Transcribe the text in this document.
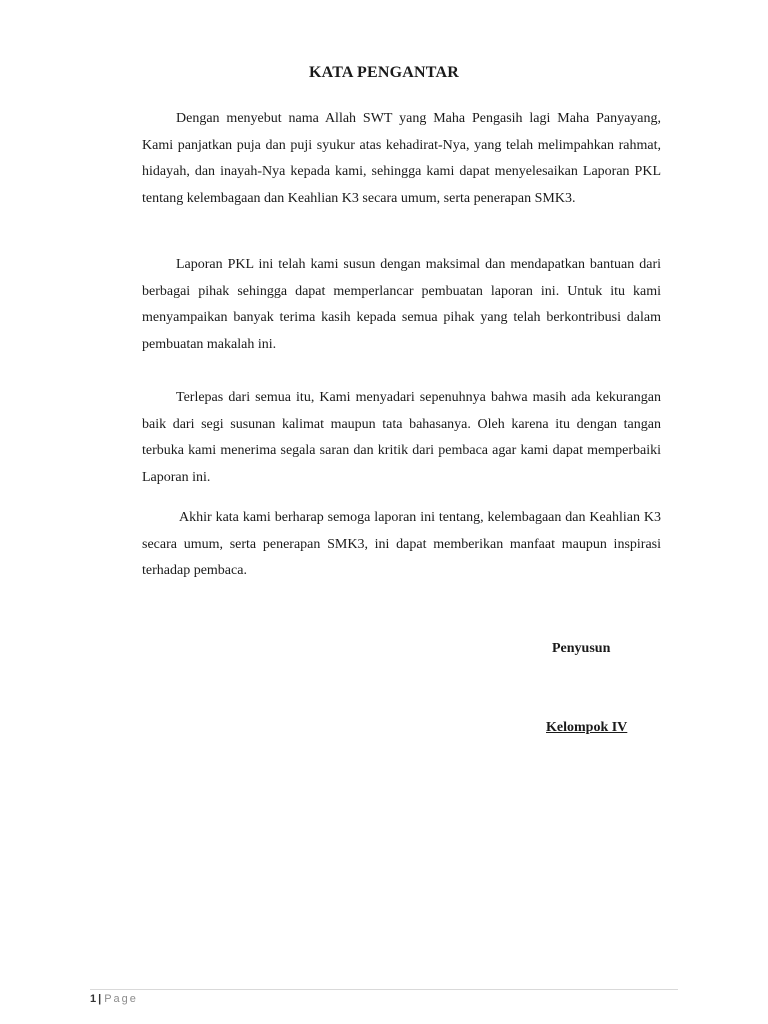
KATA PENGANTAR

Dengan menyebut nama Allah SWT yang Maha Pengasih lagi Maha Panyayang, Kami panjatkan puja dan puji syukur atas kehadirat-Nya, yang telah melimpahkan rahmat, hidayah, dan inayah-Nya kepada kami, sehingga kami dapat menyelesaikan Laporan PKL tentang kelembagaan dan Keahlian K3 secara umum, serta penerapan SMK3.

Laporan PKL ini telah kami susun dengan maksimal dan mendapatkan bantuan dari berbagai pihak sehingga dapat memperlancar pembuatan laporan ini. Untuk itu kami menyampaikan banyak terima kasih kepada semua pihak yang telah berkontribusi dalam pembuatan makalah ini.

Terlepas dari semua itu, Kami menyadari sepenuhnya bahwa masih ada kekurangan baik dari segi susunan kalimat maupun tata bahasanya. Oleh karena itu dengan tangan terbuka kami menerima segala saran dan kritik dari pembaca agar kami dapat memperbaiki Laporan ini.

Akhir kata kami berharap semoga laporan ini tentang, kelembagaan dan Keahlian K3 secara umum, serta penerapan SMK3, ini dapat memberikan manfaat maupun inspirasi terhadap pembaca.

Penyusun
Kelompok IV
1 | Page
